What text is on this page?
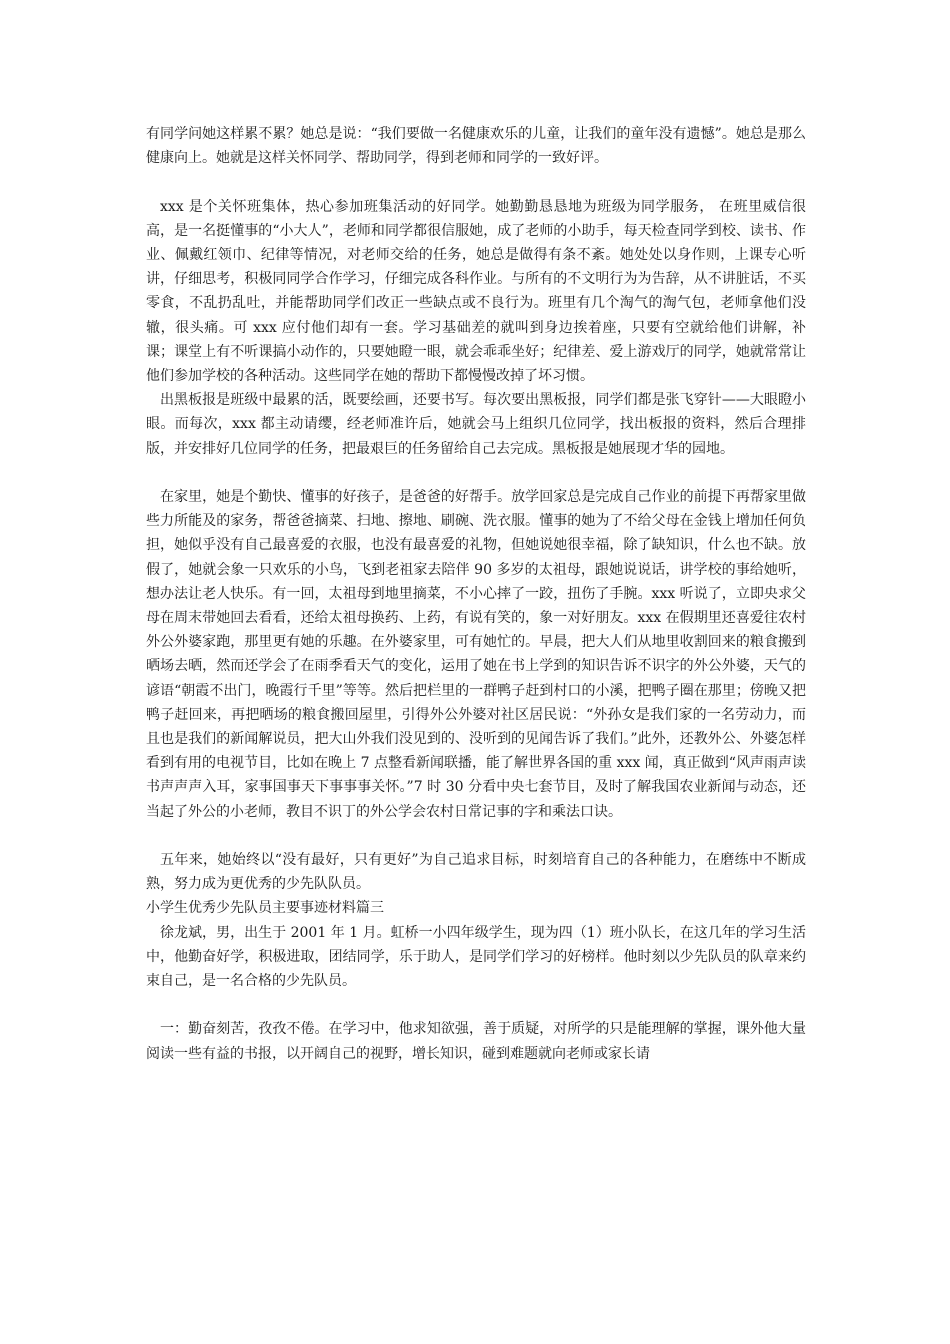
有同学问她这样累不累？她总是说：“我们要做一名健康欢乐的儿童，让我们的童年没有遗憾”。她总是那么健康向上。她就是这样关怀同学、帮助同学，得到老师和同学的一致好评。

xxx 是个关怀班集体，热心参加班集活动的好同学。她勤勤恳恳地为班级为同学服务， 在班里威信很高，是一名挺懂事的“小大人”，老师和同学都很信服她，成了老师的小助手，每天检查同学到校、读书、作业、佩戴红领巾、纪律等情况，对老师交给的任务，她总是做得有条不紊。她处处以身作则，上课专心听讲，仔细思考，积极同同学合作学习，仔细完成各科作业。与所有的不文明行为为告辞，从不讲脏话，不买零食，不乱扔乱吐，并能帮助同学们改正一些缺点或不良行为。班里有几个淘气的淘气包，老师拿他们没辙，很头痛。可 xxx 应付他们却有一套。学习基础差的就叫到身边挨着座，只要有空就给他们讲解，补课；课堂上有不听课搞小动作的，只要她瞪一眼，就会乖乖坐好；纪律差、爱上游戏厅的同学，她就常常让他们参加学校的各种活动。这些同学在她的帮助下都慢慢改掉了坏习惯。

出黑板报是班级中最累的活，既要绘画，还要书写。每次要出黑板报，同学们都是张飞穿针——大眼瞪小眼。而每次，xxx 都主动请缨，经老师准许后，她就会马上组织几位同学，找出板报的资料，然后合理排版，并安排好几位同学的任务，把最艰巨的任务留给自己去完成。黑板报是她展现才华的园地。

在家里，她是个勤快、懂事的好孩子，是爸爸的好帮手。放学回家总是完成自己作业的前提下再帮家里做些力所能及的家务，帮爸爸摘菜、扫地、擦地、刷碗、洗衣服。懂事的她为了不给父母在金钱上增加任何负担，她似乎没有自己最喜爱的衣服，也没有最喜爱的礼物，但她说她很幸福，除了缺知识，什么也不缺。放假了，她就会象一只欢乐的小鸟，飞到老祖家去陪伴 90 多岁的太祖母，跟她说说话，讲学校的事给她听，想办法让老人快乐。有一回，太祖母到地里摘菜，不小心摔了一跤，扭伤了手腕。xxx 听说了，立即央求父母在周末带她回去看看，还给太祖母换药、上药，有说有笑的，象一对好朋友。xxx 在假期里还喜爱往农村外公外婆家跑，那里更有她的乐趣。在外婆家里，可有她忙的。早晨，把大人们从地里收割回来的粮食搬到晒场去晒，然而还学会了在雨季看天气的变化，运用了她在书上学到的知识告诉不识字的外公外婆，天气的谚语“朝霞不出门，晚霞行千里”等等。然后把栏里的一群鸭子赶到村口的小溪，把鸭子圈在那里；傍晚又把鸭子赶回来，再把晒场的粮食搬回屋里，引得外公外婆对社区居民说：“外孙女是我们家的一名劳动力，而且也是我们的新闻解说员，把大山外我们没见到的、没听到的见闻告诉了我们。”此外，还教外公、外婆怎样看到有用的电视节目，比如在晚上 7 点整看新闻联播，能了解世界各国的重 xxx 闻，真正做到“风声雨声读书声声声入耳，家事国事天下事事事关怀。”7 时 30 分看中央七套节目，及时了解我国农业新闻与动态，还当起了外公的小老师，教目不识丁的外公学会农村日常记事的字和乘法口诀。

五年来，她始终以“没有最好，只有更好”为自己追求目标，时刻培育自己的各种能力，在磨练中不断成熟，努力成为更优秀的少先队队员。

小学生优秀少先队员主要事迹材料篇三

徐龙斌，男，出生于 2001 年 1 月。虹桥一小四年级学生，现为四（1）班小队长，在这几年的学习生活中，他勤奋好学，积极进取，团结同学，乐于助人，是同学们学习的好榜样。他时刻以少先队员的队章来约束自己，是一名合格的少先队员。

一：勤奋刻苦，孜孜不倦。在学习中，他求知欲强，善于质疑，对所学的只是能理解的掌握，课外他大量阅读一些有益的书报，以开阔自己的视野，增长知识，碰到难题就向老师或家长请
